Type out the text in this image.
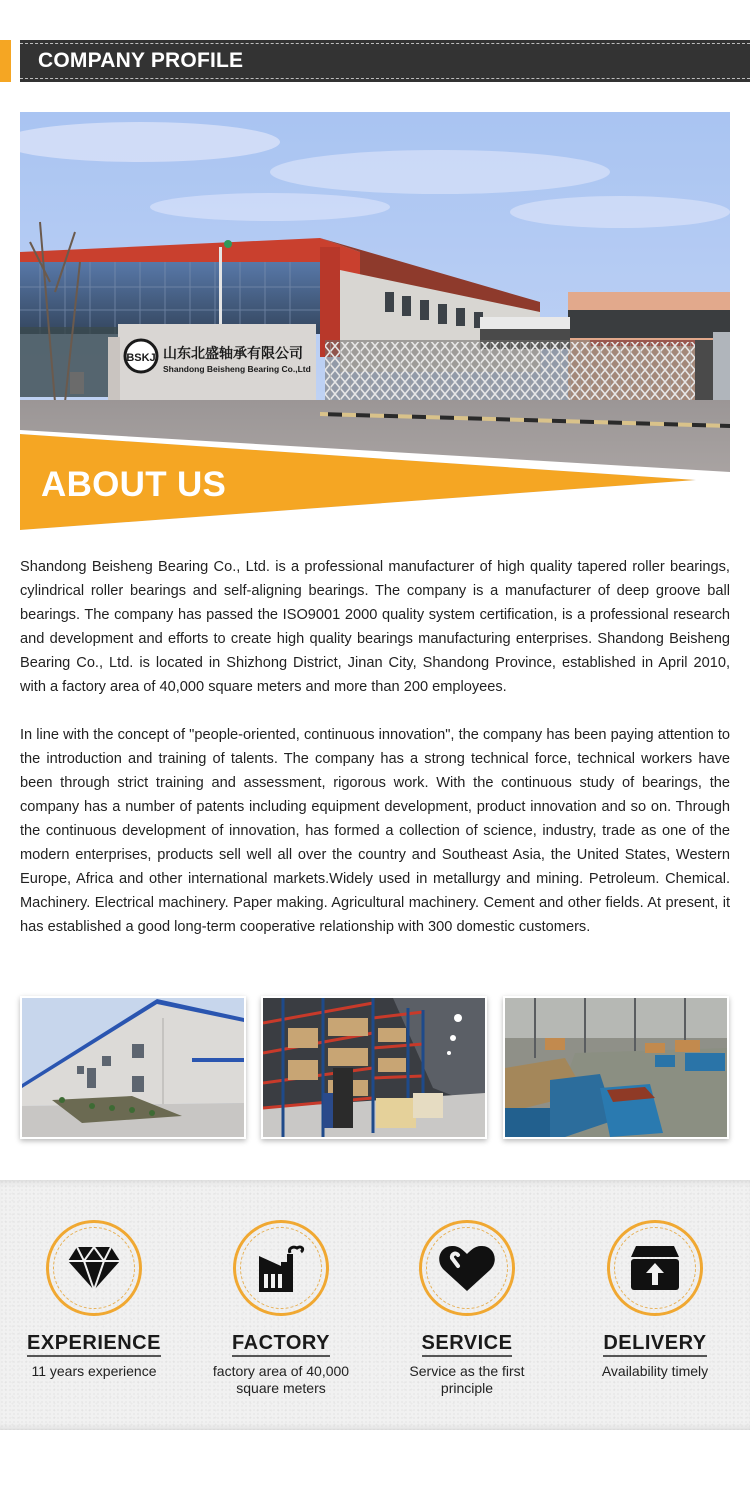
COMPANY PROFILE
BSKJ 山东北盛轴承有限公司
Shandong Beisheng Bearing Co.,Ltd
ABOUT US

Shandong Beisheng Bearing Co., Ltd. is a professional manufacturer of high quality tapered roller bearings, cylindrical roller bearings and self-aligning bearings. The company is a manufacturer of deep groove ball bearings. The company has passed the ISO9001 2000 quality system certification, is a professional research and development and efforts to create high quality bearings manufacturing enterprises. Shandong Beisheng Bearing Co., Ltd. is located in Shizhong District, Jinan City, Shandong Province, established in April 2010, with a factory area of 40,000 square meters and more than 200 employees.

In line with the concept of "people-oriented, continuous innovation", the company has been paying attention to the introduction and training of talents. The company has a strong technical force, technical workers have been through strict training and assessment, rigorous work. With the continuous study of bearings, the company has a number of patents including equipment development, product innovation and so on. Through the continuous development of innovation, has formed a collection of science, industry, trade as one of the modern enterprises, products sell well all over the country and Southeast Asia, the United States, Western Europe, Africa and other international markets.Widely used in metallurgy and mining. Petroleum. Chemical. Machinery. Electrical machinery. Paper making. Agricultural machinery. Cement and other fields. At present, it has established a good long-term cooperative relationship with 300 domestic customers.

EXPERIENCE
11 years experience
FACTORY
factory area of 40,000 square meters
SERVICE
Service as the first principle
DELIVERY
Availability timely
